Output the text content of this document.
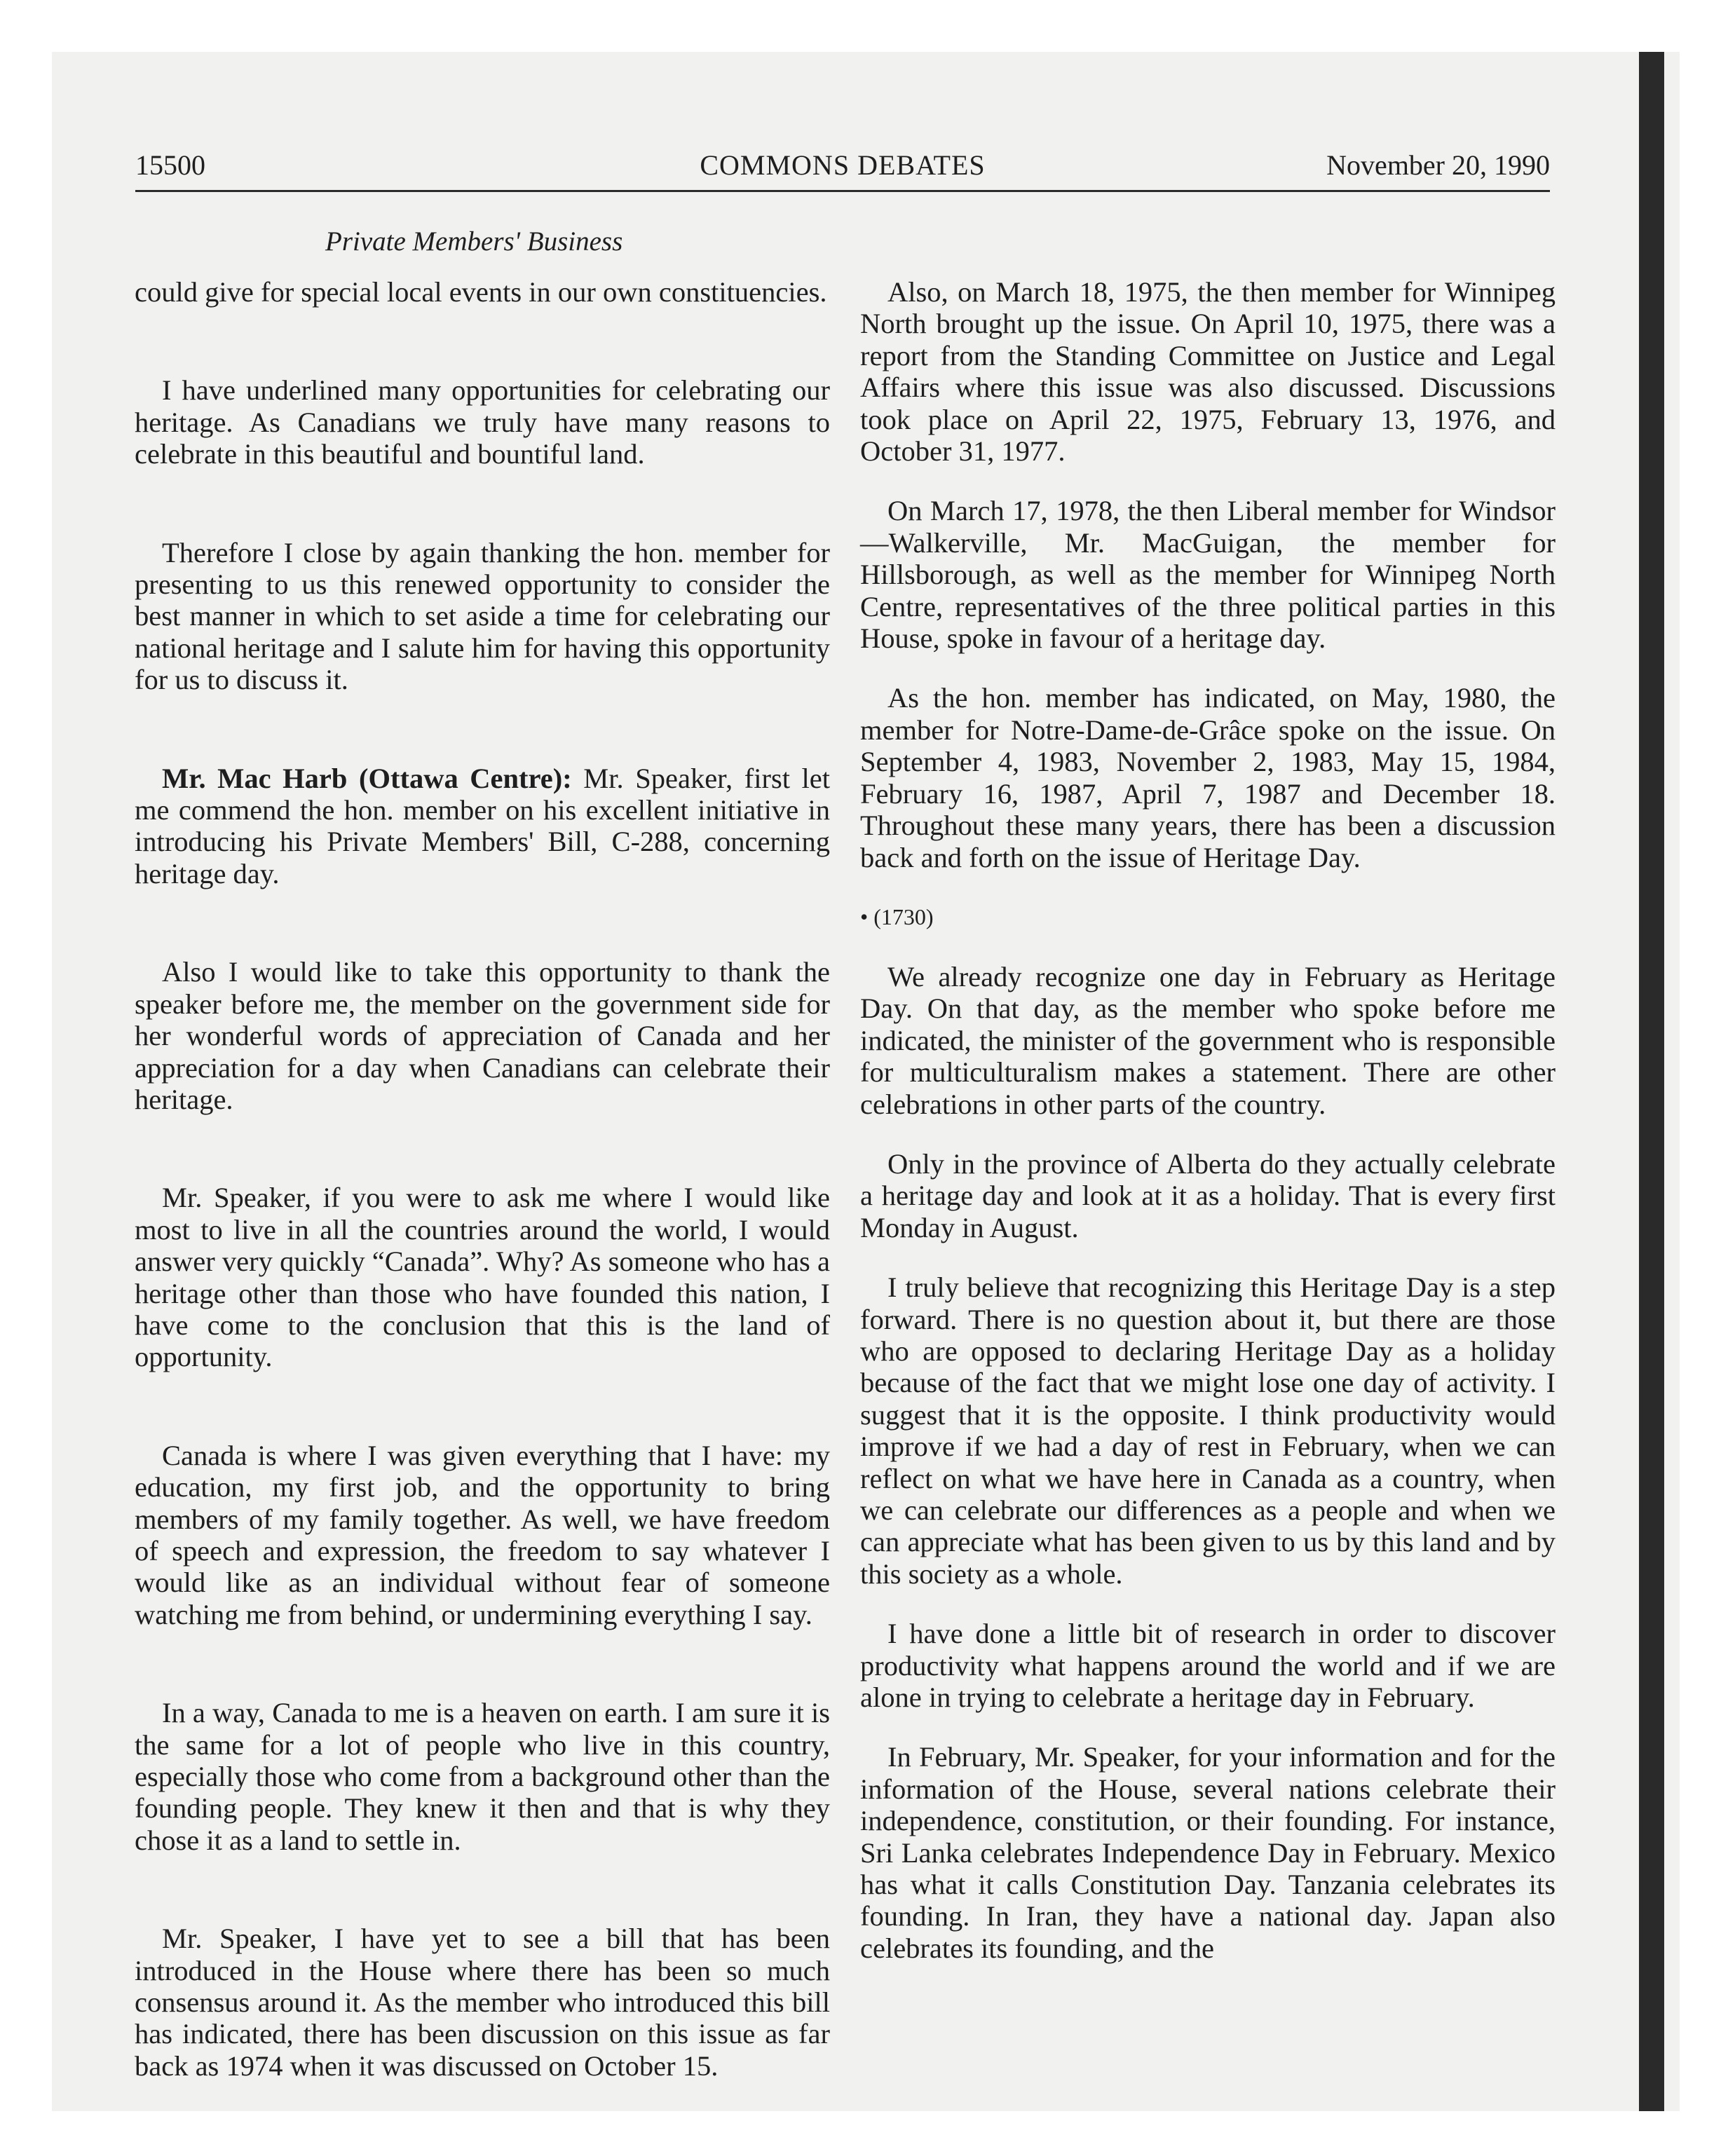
15500	COMMONS DEBATES	November 20, 1990
Private Members' Business

could give for special local events in our own constituencies.

I have underlined many opportunities for celebrating our heritage. As Canadians we truly have many reasons to celebrate in this beautiful and bountiful land.

Therefore I close by again thanking the hon. member for presenting to us this renewed opportunity to consider the best manner in which to set aside a time for celebrating our national heritage and I salute him for having this opportunity for us to discuss it.

Mr. Mac Harb (Ottawa Centre): Mr. Speaker, first let me commend the hon. member on his excellent initiative in introducing his Private Members' Bill, C-288, concerning heritage day.

Also I would like to take this opportunity to thank the speaker before me, the member on the government side for her wonderful words of appreciation of Canada and her appreciation for a day when Canadians can celebrate their heritage.

Mr. Speaker, if you were to ask me where I would like most to live in all the countries around the world, I would answer very quickly “Canada”. Why? As someone who has a heritage other than those who have founded this nation, I have come to the conclusion that this is the land of opportunity.

Canada is where I was given everything that I have: my education, my first job, and the opportunity to bring members of my family together. As well, we have freedom of speech and expression, the freedom to say whatever I would like as an individual without fear of someone watching me from behind, or undermining everything I say.

In a way, Canada to me is a heaven on earth. I am sure it is the same for a lot of people who live in this country, especially those who come from a background other than the founding people. They knew it then and that is why they chose it as a land to settle in.

Mr. Speaker, I have yet to see a bill that has been introduced in the House where there has been so much consensus around it. As the member who introduced this bill has indicated, there has been discussion on this issue as far back as 1974 when it was discussed on October 15.

Also, on March 18, 1975, the then member for Winnipeg North brought up the issue. On April 10, 1975, there was a report from the Standing Committee on Justice and Legal Affairs where this issue was also discussed. Discussions took place on April 22, 1975, February 13, 1976, and October 31, 1977.

On March 17, 1978, the then Liberal member for Windsor—Walkerville, Mr. MacGuigan, the member for Hillsborough, as well as the member for Winnipeg North Centre, representatives of the three political parties in this House, spoke in favour of a heritage day.

As the hon. member has indicated, on May, 1980, the member for Notre-Dame-de-Grâce spoke on the issue. On September 4, 1983, November 2, 1983, May 15, 1984, February 16, 1987, April 7, 1987 and December 18. Throughout these many years, there has been a discussion back and forth on the issue of Heritage Day.

• (1730)

We already recognize one day in February as Heritage Day. On that day, as the member who spoke before me indicated, the minister of the government who is responsible for multiculturalism makes a statement. There are other celebrations in other parts of the country.

Only in the province of Alberta do they actually celebrate a heritage day and look at it as a holiday. That is every first Monday in August.

I truly believe that recognizing this Heritage Day is a step forward. There is no question about it, but there are those who are opposed to declaring Heritage Day as a holiday because of the fact that we might lose one day of activity. I suggest that it is the opposite. I think productivity would improve if we had a day of rest in February, when we can reflect on what we have here in Canada as a country, when we can celebrate our differences as a people and when we can appreciate what has been given to us by this land and by this society as a whole.

I have done a little bit of research in order to discover productivity what happens around the world and if we are alone in trying to celebrate a heritage day in February.

In February, Mr. Speaker, for your information and for the information of the House, several nations celebrate their independence, constitution, or their founding. For instance, Sri Lanka celebrates Independence Day in February. Mexico has what it calls Constitution Day. Tanzania celebrates its founding. In Iran, they have a national day. Japan also celebrates its founding, and the
